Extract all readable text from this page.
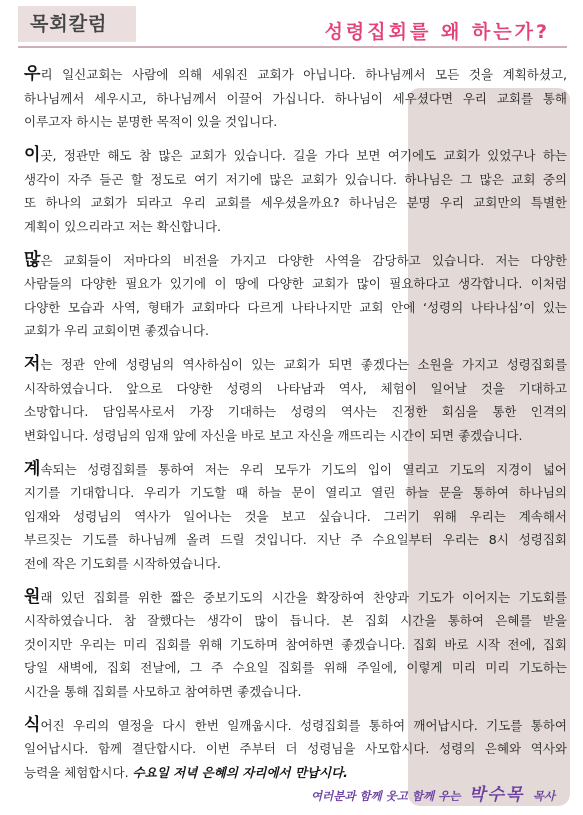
목회칼럼	성령집회를 왜 하는가?
우리 일신교회는 사람에 의해 세워진 교회가 아닙니다. 하나님께서 모든 것을 계획하셨고,
하나님께서 세우시고, 하나님께서 이끌어 가십니다. 하나님이 세우셨다면 우리 교회를 통해
이루고자 하시는 분명한 목적이 있을 것입니다.
이곳, 정관만 해도 참 많은 교회가 있습니다. 길을 가다 보면 여기에도 교회가 있었구나 하는
생각이 자주 들곤 할 정도로 여기 저기에 많은 교회가 있습니다. 하나님은 그 많은 교회 중의
또 하나의 교회가 되라고 우리 교회를 세우셨을까요? 하나님은 분명 우리 교회만의 특별한
계획이 있으리라고 저는 확신합니다.
많은 교회들이 저마다의 비전을 가지고 다양한 사역을 감당하고 있습니다. 저는 다양한
사람들의 다양한 필요가 있기에 이 땅에 다양한 교회가 많이 필요하다고 생각합니다. 이처럼
다양한 모습과 사역, 형태가 교회마다 다르게 나타나지만 교회 안에 ‘성령의 나타나심’이 있는
교회가 우리 교회이면 좋겠습니다.
저는 정관 안에 성령님의 역사하심이 있는 교회가 되면 좋겠다는 소원을 가지고 성령집회를
시작하였습니다. 앞으로 다양한 성령의 나타남과 역사, 체험이 일어날 것을 기대하고
소망합니다. 담임목사로서 가장 기대하는 성령의 역사는 진정한 회심을 통한 인격의
변화입니다. 성령님의 임재 앞에 자신을 바로 보고 자신을 깨뜨리는 시간이 되면 좋겠습니다.
계속되는 성령집회를 통하여 저는 우리 모두가 기도의 입이 열리고 기도의 지경이 넓어
지기를 기대합니다. 우리가 기도할 때 하늘 문이 열리고 열린 하늘 문을 통하여 하나님의
임재와 성령님의 역사가 일어나는 것을 보고 싶습니다. 그러기 위해 우리는 계속해서
부르짖는 기도를 하나님께 올려 드릴 것입니다. 지난 주 수요일부터 우리는 8시 성령집회
전에 작은 기도회를 시작하였습니다.
원래 있던 집회를 위한 짧은 중보기도의 시간을 확장하여 찬양과 기도가 이어지는 기도회를
시작하였습니다. 참 잘했다는 생각이 많이 듭니다. 본 집회 시간을 통하여 은혜를 받을
것이지만 우리는 미리 집회를 위해 기도하며 참여하면 좋겠습니다. 집회 바로 시작 전에, 집회
당일 새벽에, 집회 전날에, 그 주 수요일 집회를 위해 주일에, 이렇게 미리 미리 기도하는
시간을 통해 집회를 사모하고 참여하면 좋겠습니다.
식어진 우리의 열정을 다시 한번 일깨웁시다. 성령집회를 통하여 깨어납시다. 기도를 통하여
일어납시다. 함께 결단합시다. 이번 주부터 더 성령님을 사모합시다. 성령의 은혜와 역사와
능력을 체험합시다. 수요일 저녁 은혜의 자리에서 만납시다.
여러분과 함께 웃고 함께 우는 박수목 목사
